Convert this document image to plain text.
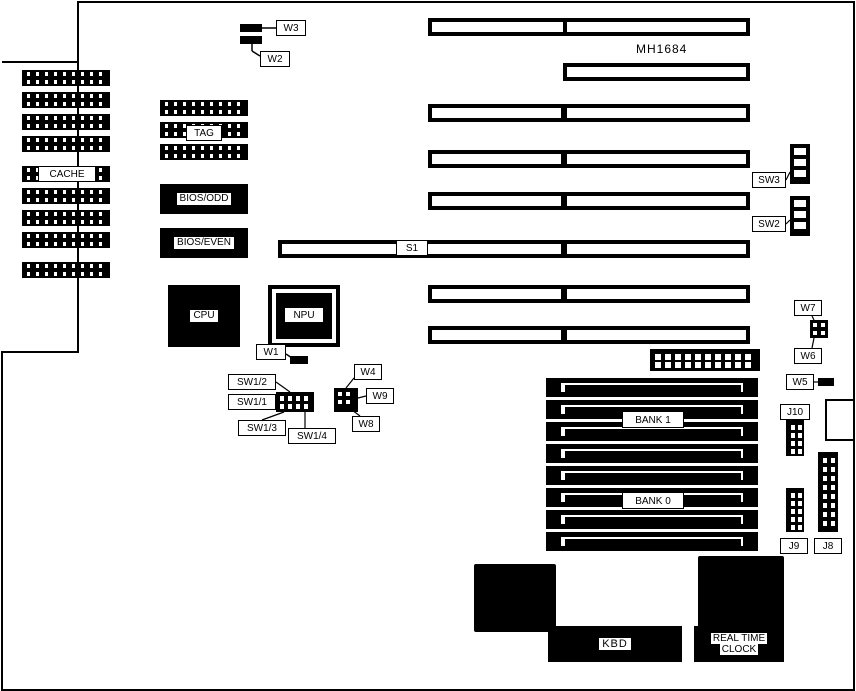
CACHE
TAG
BIOS/ODD
BIOS/EVEN
CPU	NPU
S1
MH1684
W3
W2
W1
SW1/2
SW1/1
SW1/3
SW1/4
W4
W9
W8
SW3
SW2
W7
W6
W5
BANK 1
BANK 0
J10
J9	J8
KBD	REAL TIME
CLOCK
